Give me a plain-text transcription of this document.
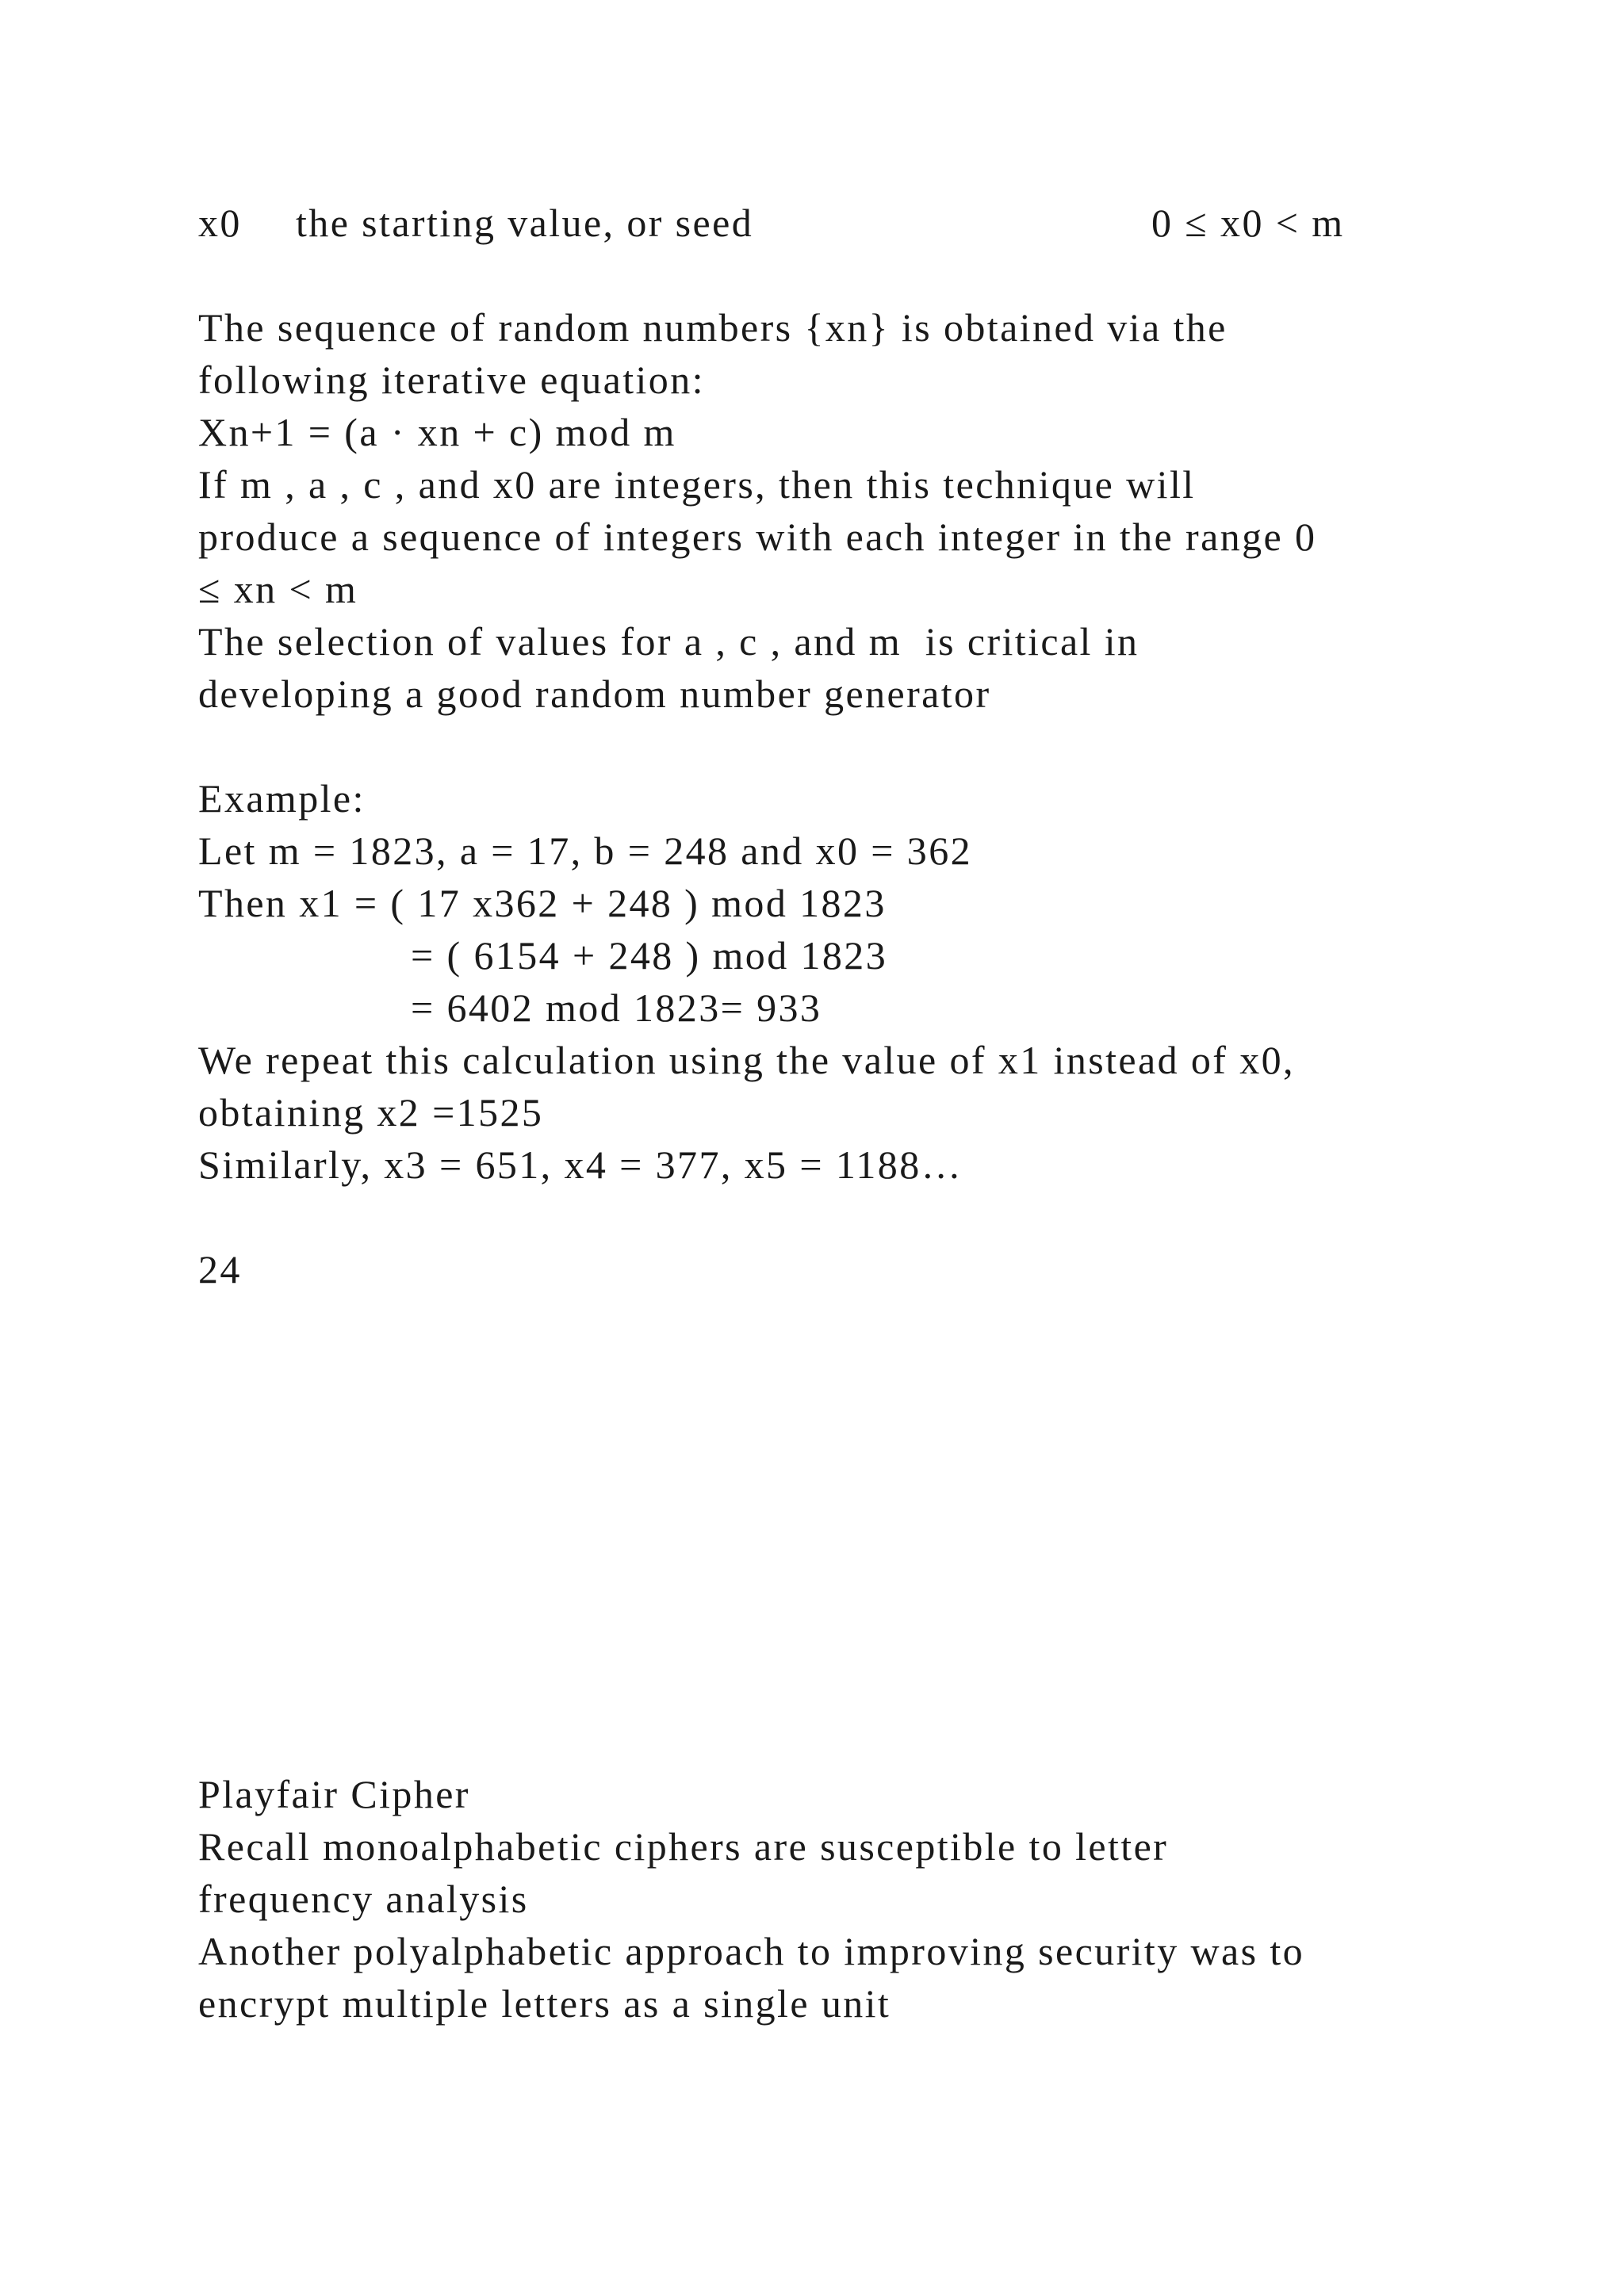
x0 the starting value, or seed	0 ≤ x0 < m
The sequence of random numbers {xn} is obtained via the
following iterative equation:
Xn+1 = (a · xn + c) mod m
If m , a , c , and x0 are integers, then this technique will
produce a sequence of integers with each integer in the range 0
≤ xn < m
The selection of values for a , c , and m  is critical in
developing a good random number generator
Example:
Let m = 1823, a = 17, b = 248 and x0 = 362
Then x1 = ( 17 x362 + 248 ) mod 1823
= ( 6154 + 248 ) mod 1823
= 6402 mod 1823= 933
We repeat this calculation using the value of x1 instead of x0,
obtaining x2 =1525
Similarly, x3 = 651, x4 = 377, x5 = 1188…
24
Playfair Cipher
Recall monoalphabetic ciphers are susceptible to letter
frequency analysis
Another polyalphabetic approach to improving security was to
encrypt multiple letters as a single unit
